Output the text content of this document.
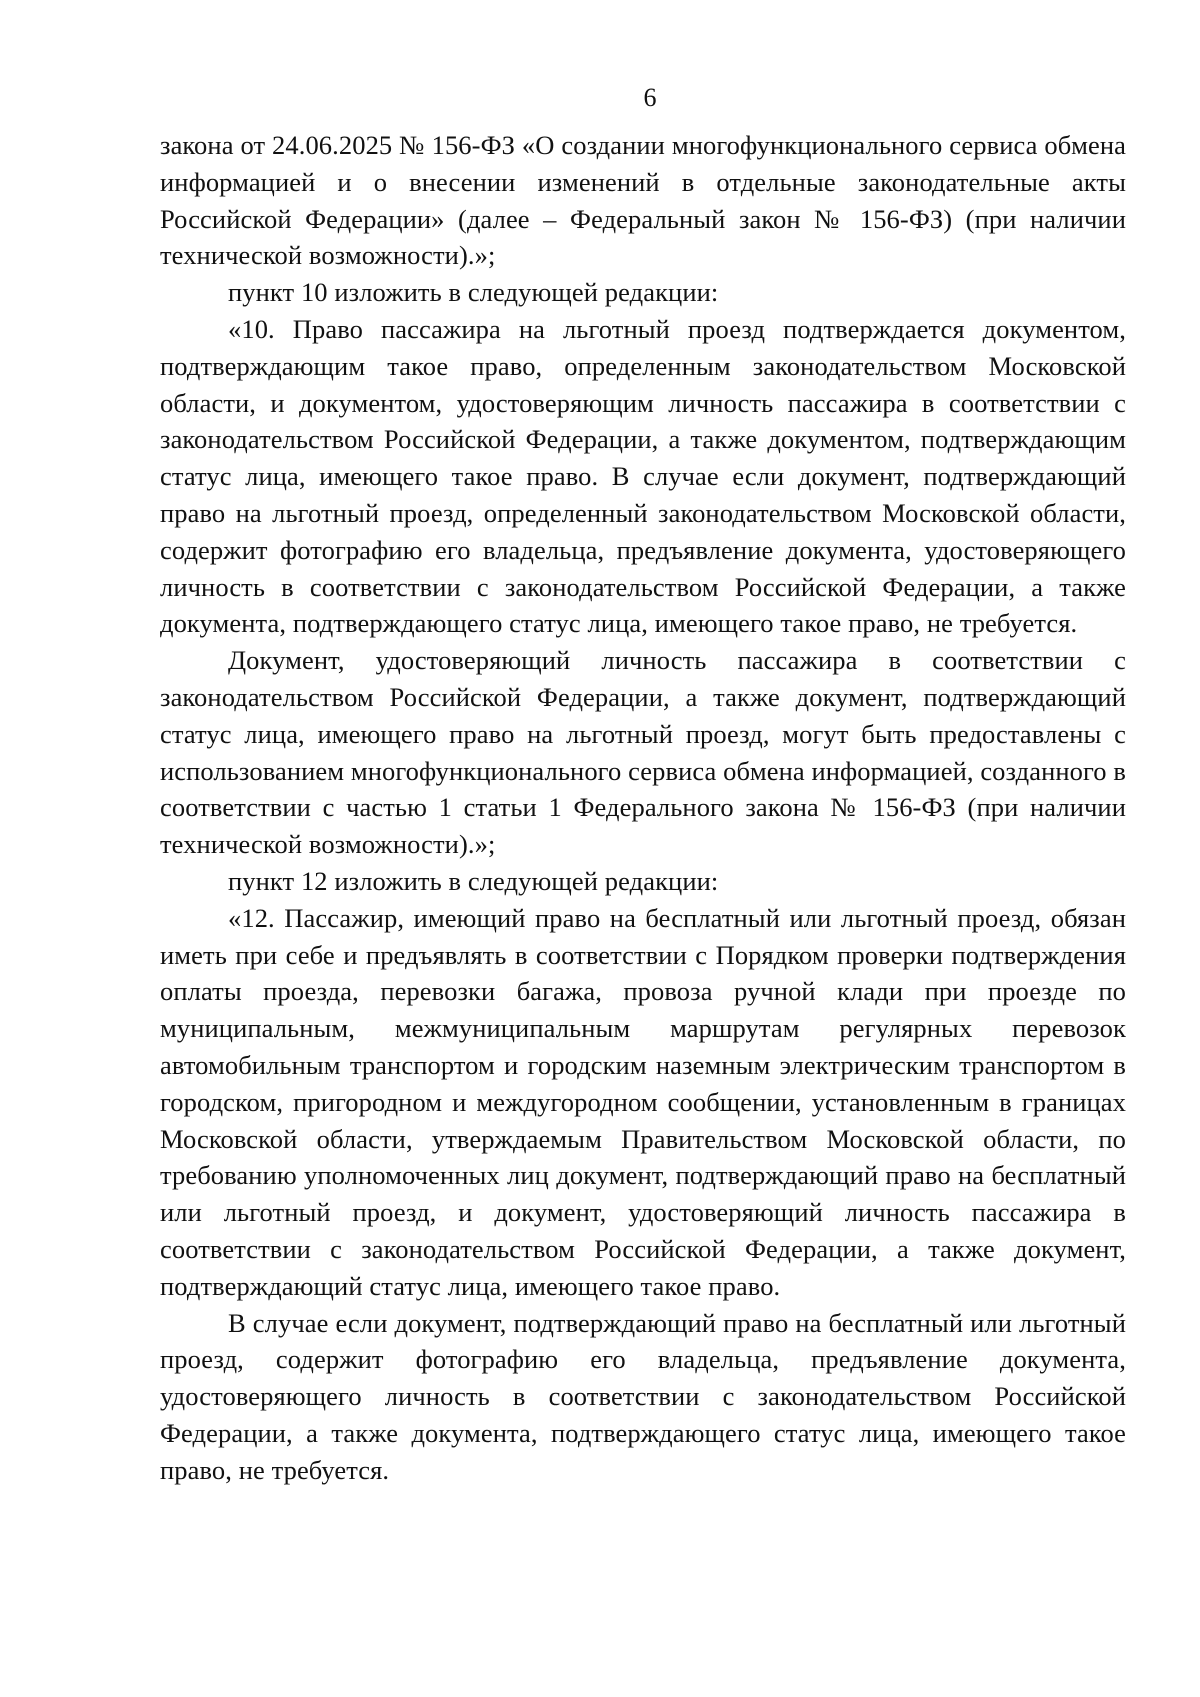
6

закона от 24.06.2025 № 156-ФЗ «О создании многофункционального сервиса обмена информацией и о внесении изменений в отдельные законодательные акты Российской Федерации» (далее – Федеральный закон № 156-ФЗ) (при наличии технической возможности).»;

пункт 10 изложить в следующей редакции:

«10. Право пассажира на льготный проезд подтверждается документом, подтверждающим такое право, определенным законодательством Московской области, и документом, удостоверяющим личность пассажира в соответствии с законодательством Российской Федерации, а также документом, подтверждающим статус лица, имеющего такое право. В случае если документ, подтверждающий право на льготный проезд, определенный законодательством Московской области, содержит фотографию его владельца, предъявление документа, удостоверяющего личность в соответствии с законодательством Российской Федерации, а также документа, подтверждающего статус лица, имеющего такое право, не требуется.

Документ, удостоверяющий личность пассажира в соответствии с законодательством Российской Федерации, а также документ, подтверждающий статус лица, имеющего право на льготный проезд, могут быть предоставлены с использованием многофункционального сервиса обмена информацией, созданного в соответствии с частью 1 статьи 1 Федерального закона № 156-ФЗ (при наличии технической возможности).»;

пункт 12 изложить в следующей редакции:

«12. Пассажир, имеющий право на бесплатный или льготный проезд, обязан иметь при себе и предъявлять в соответствии с Порядком проверки подтверждения оплаты проезда, перевозки багажа, провоза ручной клади при проезде по муниципальным, межмуниципальным маршрутам регулярных перевозок автомобильным транспортом и городским наземным электрическим транспортом в городском, пригородном и междугородном сообщении, установленным в границах Московской области, утверждаемым Правительством Московской области, по требованию уполномоченных лиц документ, подтверждающий право на бесплатный или льготный проезд, и документ, удостоверяющий личность пассажира в соответствии с законодательством Российской Федерации, а также документ, подтверждающий статус лица, имеющего такое право.

В случае если документ, подтверждающий право на бесплатный или льготный проезд, содержит фотографию его владельца, предъявление документа, удостоверяющего личность в соответствии с законодательством Российской Федерации, а также документа, подтверждающего статус лица, имеющего такое право, не требуется.
